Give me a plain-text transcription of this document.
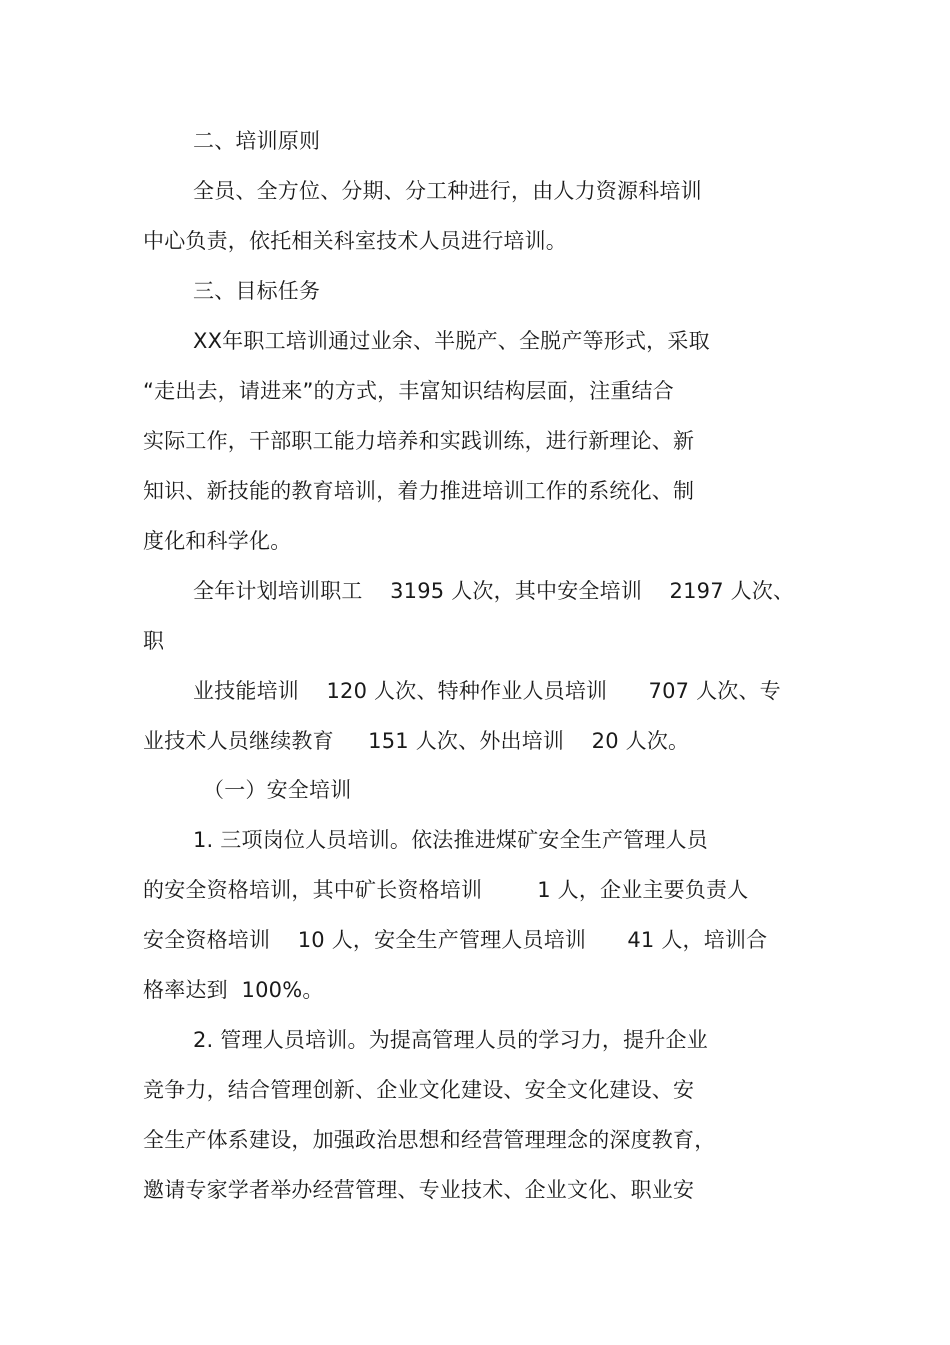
二、培训原则
全员、全方位、分期、分工种进行，由人力资源科培训
中心负责，依托相关科室技术人员进行培训。
三、目标任务
XX年职工培训通过业余、半脱产、全脱产等形式，采取
“走出去，请进来”的方式，丰富知识结构层面，注重结合
实际工作，干部职工能力培养和实践训练，进行新理论、新
知识、新技能的教育培训，着力推进培训工作的系统化、制
度化和科学化。
全年计划培训职工    3195 人次，其中安全培训    2197 人次、
职
业技能培训    120 人次、特种作业人员培训      707 人次、专
业技术人员继续教育     151 人次、外出培训    20 人次。
（一）安全培训
1. 三项岗位人员培训。依法推进煤矿安全生产管理人员
的安全资格培训，其中矿长资格培训        1 人，企业主要负责人
安全资格培训    10 人，安全生产管理人员培训      41 人，培训合
格率达到  100%。
2. 管理人员培训。为提高管理人员的学习力，提升企业
竞争力，结合管理创新、企业文化建设、安全文化建设、安
全生产体系建设，加强政治思想和经营管理理念的深度教育，
邀请专家学者举办经营管理、专业技术、企业文化、职业安
